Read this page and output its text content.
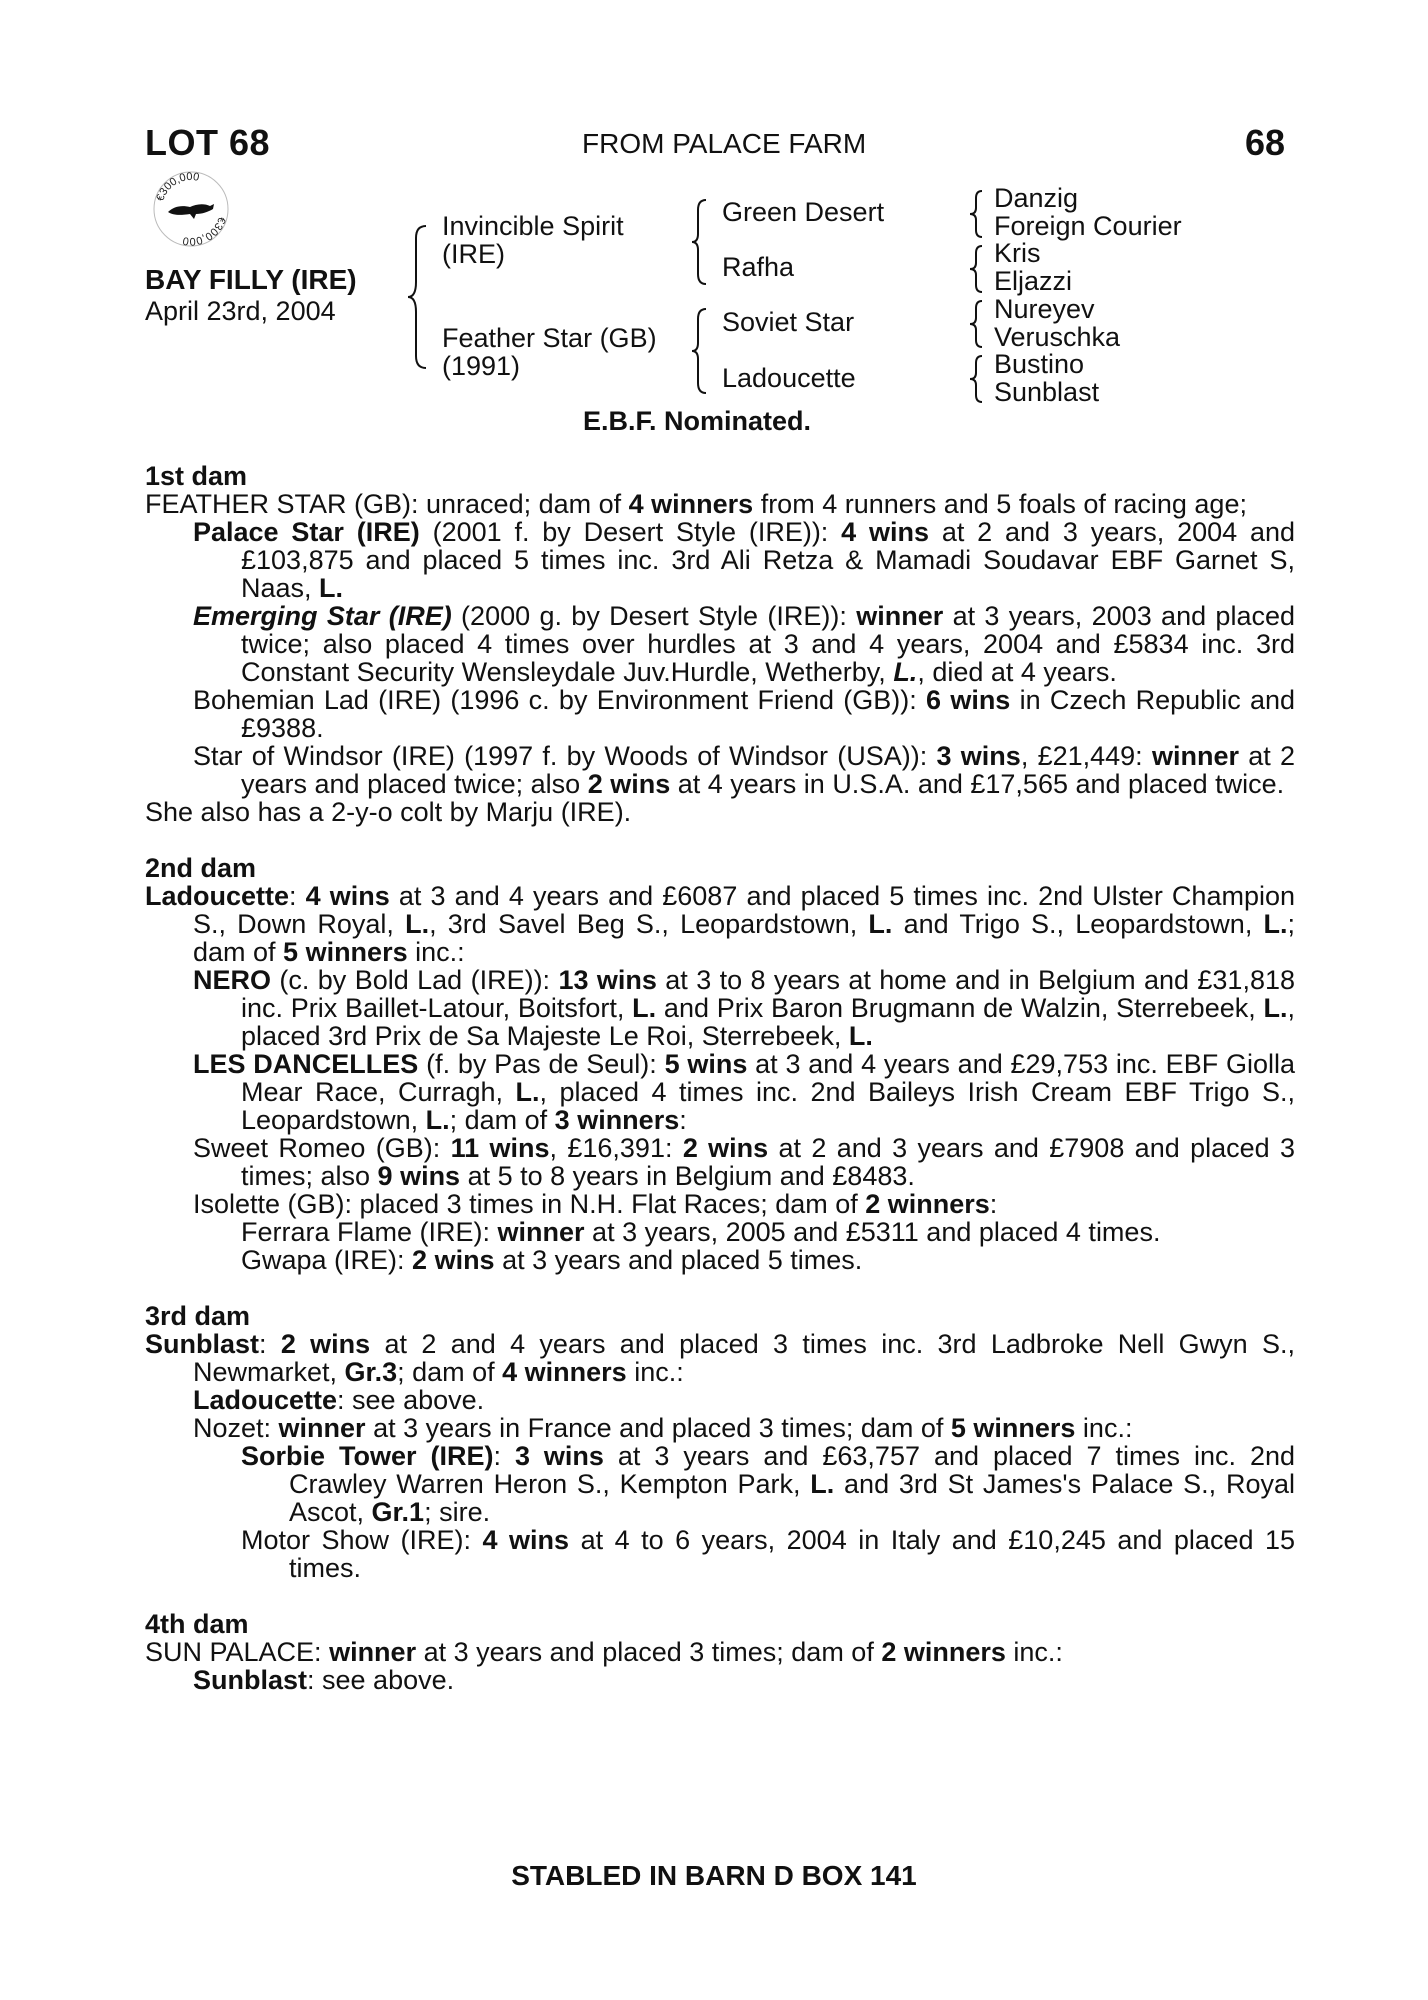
LOT 68	FROM PALACE FARM	68
€300,000
€300,000
BAY FILLY (IRE)
April 23rd, 2004
Invincible Spirit
(IRE)
Feather Star (GB)
(1991)
Green Desert
Rafha
Soviet Star
Ladoucette
Danzig
Foreign Courier
Kris
Eljazzi
Nureyev
Veruschka
Bustino
Sunblast
E.B.F. Nominated.
1st dam
FEATHER STAR (GB): unraced; dam of 4 winners from 4 runners and 5 foals of racing age;
Palace Star (IRE) (2001 f. by Desert Style (IRE)): 4 wins at 2 and 3 years, 2004 and £103,875 and placed 5 times inc. 3rd Ali Retza & Mamadi Soudavar EBF Garnet S, Naas, L.
Emerging Star (IRE) (2000 g. by Desert Style (IRE)): winner at 3 years, 2003 and placed twice; also placed 4 times over hurdles at 3 and 4 years, 2004 and £5834 inc. 3rd Constant Security Wensleydale Juv.Hurdle, Wetherby, L., died at 4 years.
Bohemian Lad (IRE) (1996 c. by Environment Friend (GB)): 6 wins in Czech Republic and £9388.
Star of Windsor (IRE) (1997 f. by Woods of Windsor (USA)): 3 wins, £21,449: winner at 2 years and placed twice; also 2 wins at 4 years in U.S.A. and £17,565 and placed twice.
She also has a 2-y-o colt by Marju (IRE).
2nd dam
Ladoucette: 4 wins at 3 and 4 years and £6087 and placed 5 times inc. 2nd Ulster Champion S., Down Royal, L., 3rd Savel Beg S., Leopardstown, L. and Trigo S., Leopardstown, L.; dam of 5 winners inc.:
NERO (c. by Bold Lad (IRE)): 13 wins at 3 to 8 years at home and in Belgium and £31,818 inc. Prix Baillet-Latour, Boitsfort, L. and Prix Baron Brugmann de Walzin, Sterrebeek, L., placed 3rd Prix de Sa Majeste Le Roi, Sterrebeek, L.
LES DANCELLES (f. by Pas de Seul): 5 wins at 3 and 4 years and £29,753 inc. EBF Giolla Mear Race, Curragh, L., placed 4 times inc. 2nd Baileys Irish Cream EBF Trigo S., Leopardstown, L.; dam of 3 winners:
Sweet Romeo (GB): 11 wins, £16,391: 2 wins at 2 and 3 years and £7908 and placed 3 times; also 9 wins at 5 to 8 years in Belgium and £8483.
Isolette (GB): placed 3 times in N.H. Flat Races; dam of 2 winners:
Ferrara Flame (IRE): winner at 3 years, 2005 and £5311 and placed 4 times.
Gwapa (IRE): 2 wins at 3 years and placed 5 times.
3rd dam
Sunblast: 2 wins at 2 and 4 years and placed 3 times inc. 3rd Ladbroke Nell Gwyn S., Newmarket, Gr.3; dam of 4 winners inc.:
Ladoucette: see above.
Nozet: winner at 3 years in France and placed 3 times; dam of 5 winners inc.:
Sorbie Tower (IRE): 3 wins at 3 years and £63,757 and placed 7 times inc. 2nd Crawley Warren Heron S., Kempton Park, L. and 3rd St James's Palace S., Royal Ascot, Gr.1; sire.
Motor Show (IRE): 4 wins at 4 to 6 years, 2004 in Italy and £10,245 and placed 15 times.
4th dam
SUN PALACE: winner at 3 years and placed 3 times; dam of 2 winners inc.:
Sunblast: see above.
STABLED IN BARN D BOX 141
